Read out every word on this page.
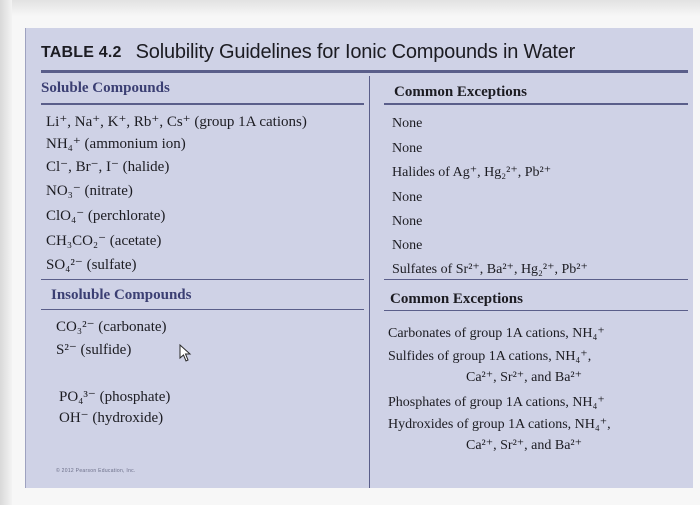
TABLE 4.2 Solubility Guidelines for Ionic Compounds in Water
Soluble Compounds	Common Exceptions
Li⁺, Na⁺, K⁺, Rb⁺, Cs⁺ (group 1A cations)	None
NH₄⁺ (ammonium ion)	None
Cl⁻, Br⁻, I⁻ (halide)	Halides of Ag⁺, Hg₂²⁺, Pb²⁺
NO₃⁻ (nitrate)	None
ClO₄⁻ (perchlorate)	None
CH₃CO₂⁻ (acetate)	None
SO₄²⁻ (sulfate)	Sulfates of Sr²⁺, Ba²⁺, Hg₂²⁺, Pb²⁺
Insoluble Compounds	Common Exceptions
CO₃²⁻ (carbonate)	Carbonates of group 1A cations, NH₄⁺
S²⁻ (sulfide)	Sulfides of group 1A cations, NH₄⁺,
Ca²⁺, Sr²⁺, and Ba²⁺
PO₄³⁻ (phosphate)	Phosphates of group 1A cations, NH₄⁺
OH⁻ (hydroxide)	Hydroxides of group 1A cations, NH₄⁺,
Ca²⁺, Sr²⁺, and Ba²⁺
© 2012 Pearson Education, Inc.
